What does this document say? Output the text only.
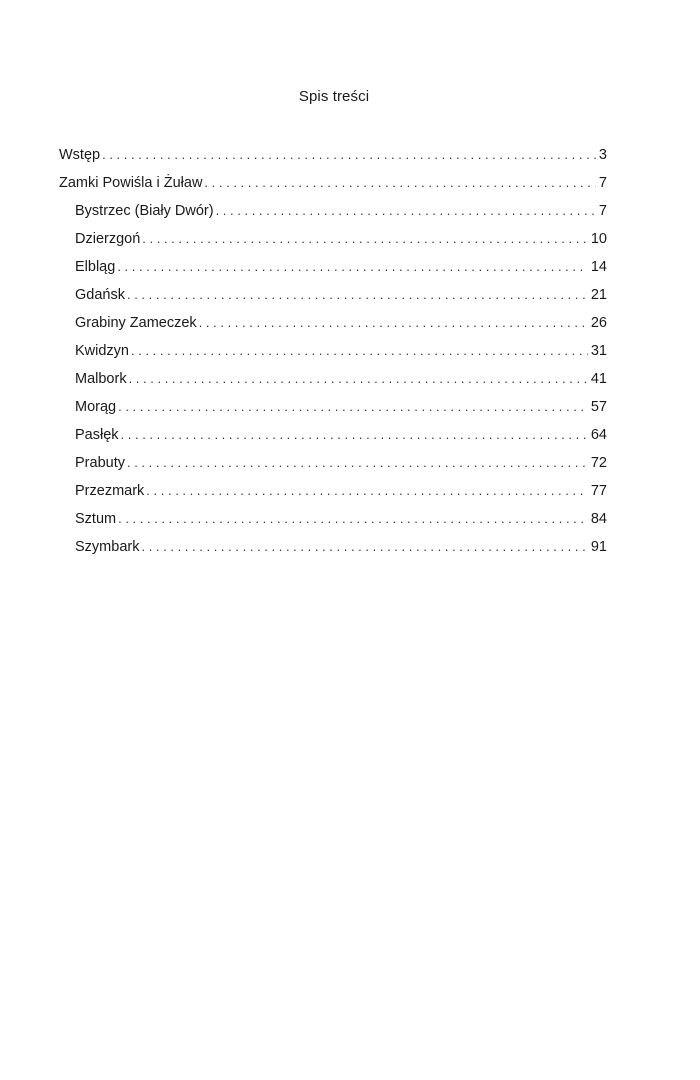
Spis treści
Wstęp . . .	3
Zamki Powiśla i Żuław . . .	7
Bystrzec (Biały Dwór) . . .	7
Dzierzgoń . . .	10
Elbląg . . .	14
Gdańsk . . .	21
Grabiny Zameczek . . .	26
Kwidzyn . . .	31
Malbork . . .	41
Morąg . . .	57
Pasłęk . . .	64
Prabuty . . .	72
Przezmark . . .	77
Sztum . . .	84
Szymbark . . .	91
